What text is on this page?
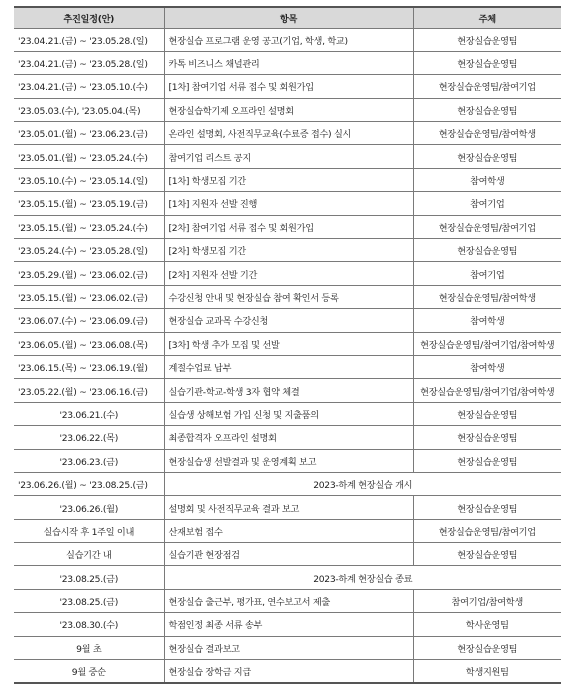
추진일정(안)	항목	주체
'23.04.21.(금) ~ '23.05.28.(일)	현장실습 프로그램 운영 공고(기업, 학생, 학교)	현장실습운영팀
'23.04.21.(금) ~ '23.05.28.(일)	카톡 비즈니스 채널관리	현장실습운영팀
'23.04.21.(금) ~ '23.05.10.(수)	[1차] 참여기업 서류 접수 및 회원가입	현장실습운영팀/참여기업
'23.05.03.(수), '23.05.04.(목)	현장실습학기제 오프라인 설명회	현장실습운영팀
'23.05.01.(월) ~ '23.06.23.(금)	온라인 설명회, 사전직무교육(수료증 접수) 실시	현장실습운영팀/참여학생
'23.05.01.(월) ~ '23.05.24.(수)	참여기업 리스트 공지	현장실습운영팀
'23.05.10.(수) ~ '23.05.14.(일)	[1차] 학생모집 기간	참여학생
'23.05.15.(월) ~ '23.05.19.(금)	[1차] 지원자 선발 진행	참여기업
'23.05.15.(월) ~ '23.05.24.(수)	[2차] 참여기업 서류 접수 및 회원가입	현장실습운영팀/참여기업
'23.05.24.(수) ~ '23.05.28.(일)	[2차] 학생모집 기간	현장실습운영팀
'23.05.29.(월) ~ '23.06.02.(금)	[2차] 지원자 선발 기간	참여기업
'23.05.15.(월) ~ '23.06.02.(금)	수강신청 안내 및 현장실습 참여 확인서 등록	현장실습운영팀/참여학생
'23.06.07.(수) ~ '23.06.09.(금)	현장실습 교과목 수강신청	참여학생
'23.06.05.(월) ~ '23.06.08.(목)	[3차] 학생 추가 모집 및 선발	현장실습운영팀/참여기업/참여학생
'23.06.15.(목) ~ '23.06.19.(월)	계절수업료 납부	참여학생
'23.05.22.(월) ~ '23.06.16.(금)	실습기관-학교-학생 3자 협약 체결	현장실습운영팀/참여기업/참여학생
'23.06.21.(수)	실습생 상해보험 가입 신청 및 지출품의	현장실습운영팀
'23.06.22.(목)	최종합격자 오프라인 설명회	현장실습운영팀
'23.06.23.(금)	현장실습생 선발결과 및 운영계획 보고	현장실습운영팀
'23.06.26.(월) ~ '23.08.25.(금)	2023-하계 현장실습 개시	
'23.06.26.(월)	설명회 및 사전직무교육 결과 보고	현장실습운영팀
실습시작 후 1주일 이내	산재보험 접수	현장실습운영팀/참여기업
실습기간 내	실습기관 현장점검	현장실습운영팀
'23.08.25.(금)	2023-하계 현장실습 종료	
'23.08.25.(금)	현장실습 출근부, 평가표, 연수보고서 제출	참여기업/참여학생
'23.08.30.(수)	학점인정 최종 서류 송부	학사운영팀
9월 초	현장실습 결과보고	현장실습운영팀
9월 중순	현장실습 장학금 지급	학생지원팀
